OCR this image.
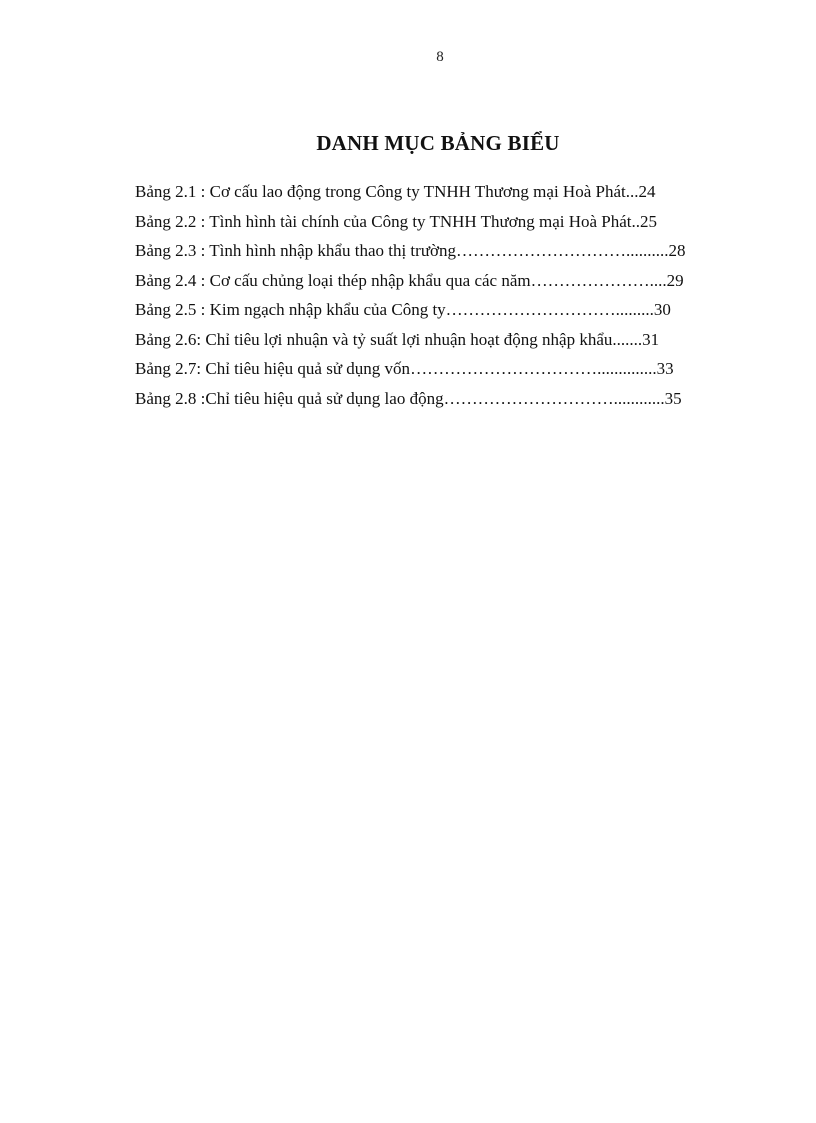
8
DANH MỤC BẢNG BIỂU
Bảng 2.1 : Cơ cấu lao động trong Công ty TNHH Thương mại Hoà Phát ... 24
Bảng 2.2 : Tình hình tài chính của Công ty TNHH Thương mại Hoà Phát .. 25
Bảng 2.3 : Tình hình nhập khẩu thao thị trường ………………………….......... 28
Bảng 2.4 : Cơ cấu chủng loại thép nhập khẩu qua các năm ………………….... 29
Bảng 2.5 : Kim ngạch nhập khẩu của Công ty …………………………......... 30
Bảng 2.6: Chỉ tiêu lợi nhuận và tỷ suất lợi nhuận hoạt động nhập khẩu ....... 31
Bảng 2.7: Chỉ tiêu hiệu quả sử dụng vốn …………………………….............. 33
Bảng 2.8 :Chỉ tiêu hiệu quả sử dụng lao động …………………………............ 35
